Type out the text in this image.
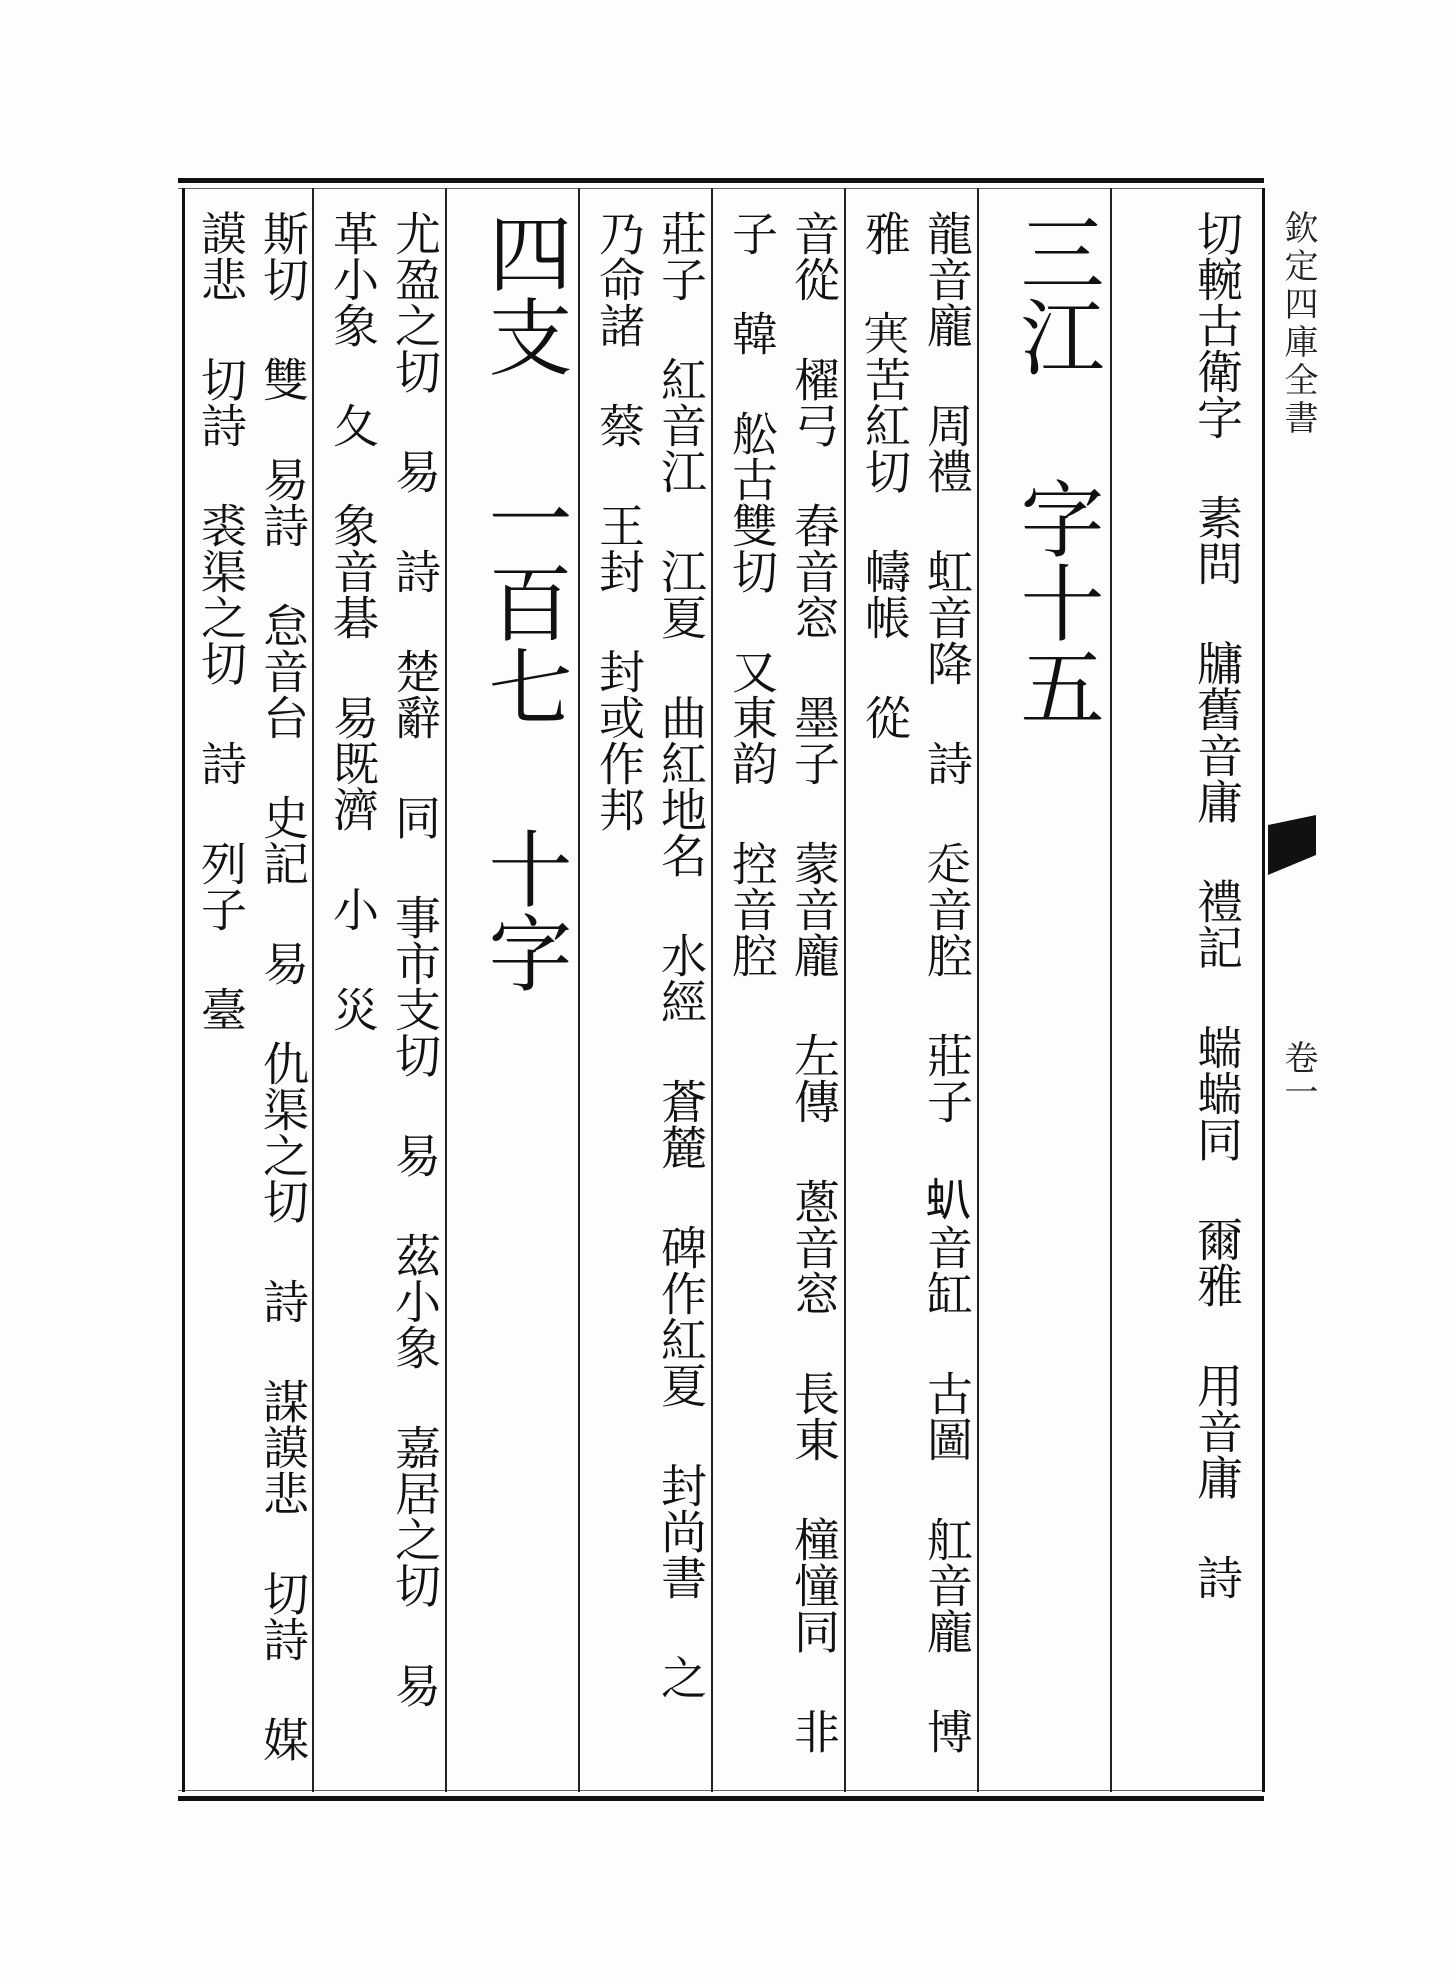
切䡝古衛字 素問 牗舊音庸 禮記 𧍒𧍒同 爾雅 用音庸 詩
三江 字十五
龍音龐 周禮 虹音降 詩 𧺆音腔 莊子 𧈢音缸 古圖 舡音龐 博雅 𡨄苦紅切 幬帳 從
音從 櫂弓 舂音窓 墨子 蒙音龐 左傳 蔥音窓 長東 橦憧同 非子 韓 舩古雙切 又東韵 控音腔
莊子 紅音江 江夏 曲紅地名 水經 蒼麓 碑作紅夏 封尚書 之 乃命諸 蔡 王封 封或作邦
四支 一百七 十字
尤盈之切 易 詩 楚辭 同 事市支切 易 茲小象 嘉居之切 易 革小象 夂 象音碁 易既濟 小 災
斯切 雙 易詩 怠音台 史記 易 仇渠之切 詩 謀謨悲 切詩 媒謨悲 切詩 裘渠之切 詩 列子 臺	欽定四庫全書
卷一
